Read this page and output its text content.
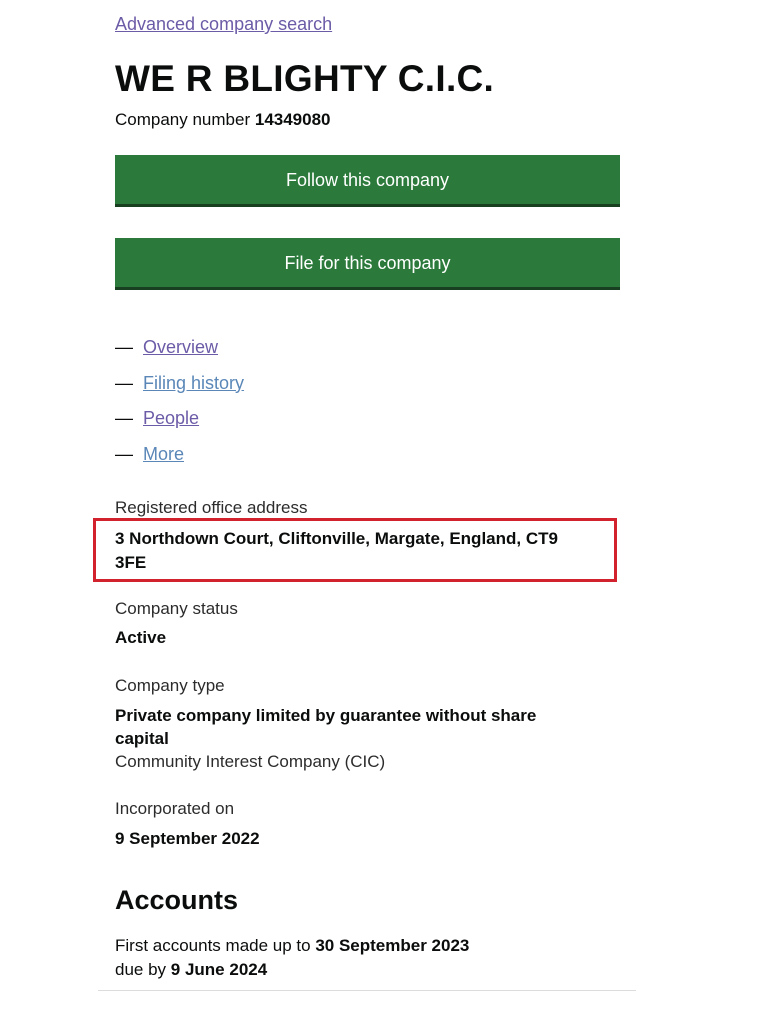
Advanced company search
WE R BLIGHTY C.I.C.
Company number 14349080
Follow this company
File for this company
— Overview
— Filing history
— People
— More
Registered office address
3 Northdown Court, Cliftonville, Margate, England, CT9
3FE
Company status
Active
Company type
Private company limited by guarantee without share
capital
Community Interest Company (CIC)
Incorporated on
9 September 2022
Accounts
First accounts made up to 30 September 2023
due by 9 June 2024
